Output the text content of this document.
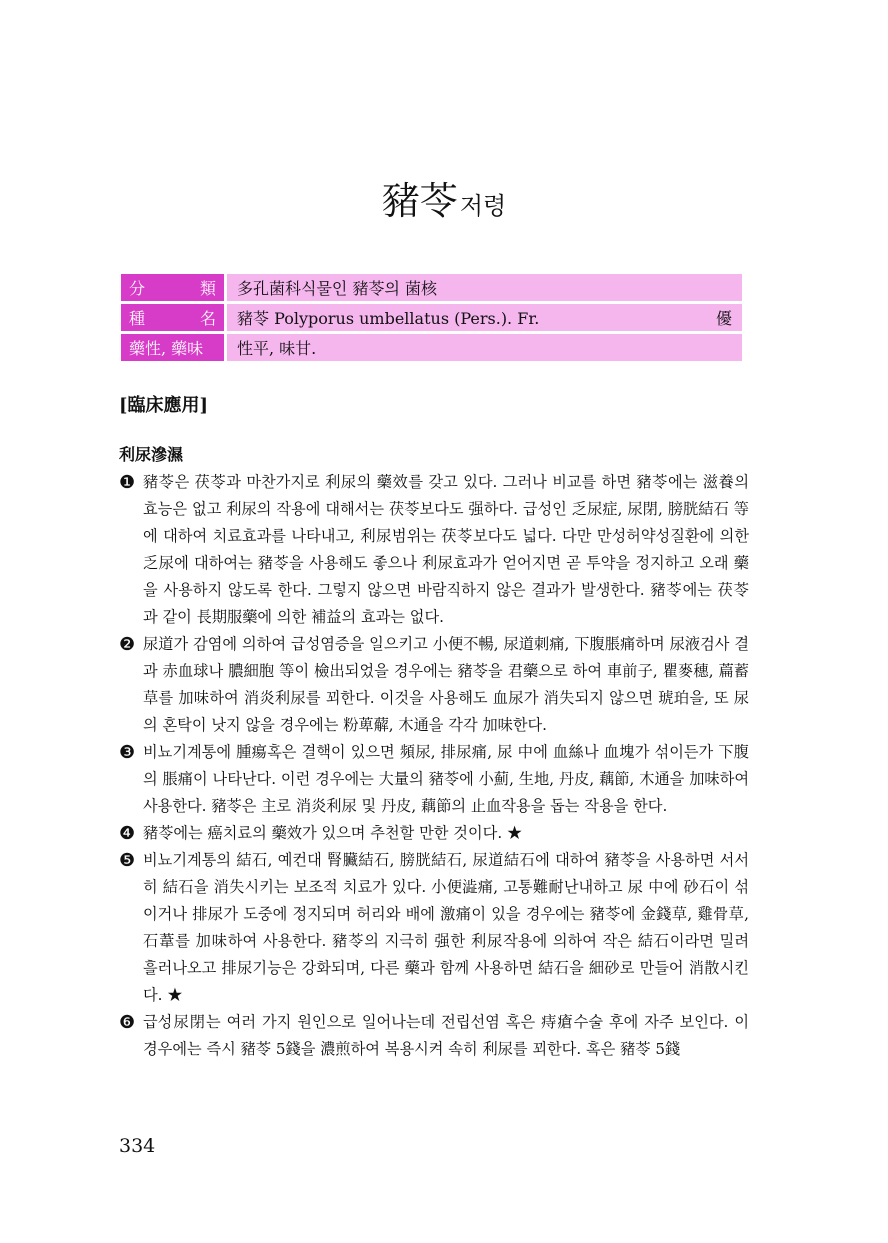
豬苓저령
分	類 多孔菌科식물인 豬苓의 菌核
種	名 豬苓 Polyporus umbellatus (Pers.). Fr.	優
藥性, 藥味 性平, 味甘.
[臨床應用]
利尿滲濕
❶ 豬苓은 茯苓과 마찬가지로 利尿의 藥效를 갖고 있다. 그러나 비교를 하면 豬苓에는 滋養의 효능은 없고 利尿의 작용에 대해서는 茯苓보다도 强하다. 급성인 乏尿症, 尿閉, 膀胱結石 等에 대하여 치료효과를 나타내고, 利尿범위는 茯苓보다도 넓다. 다만 만성허약성질환에 의한 乏尿에 대하여는 豬苓을 사용해도 좋으나 利尿효과가 얻어지면 곧 투약을 정지하고 오래 藥을 사용하지 않도록 한다. 그렇지 않으면 바람직하지 않은 결과가 발생한다. 豬苓에는 茯苓과 같이 長期服藥에 의한 補益의 효과는 없다.
❷ 尿道가 감염에 의하여 급성염증을 일으키고 小便不暢, 尿道刺痛, 下腹脹痛하며 尿液검사 결과 赤血球나 膿細胞 等이 檢出되었을 경우에는 豬苓을 君藥으로 하여 車前子, 瞿麥穗, 萹蓄草를 加味하여 消炎利尿를 꾀한다. 이것을 사용해도 血尿가 消失되지 않으면 琥珀을, 또 尿의 혼탁이 낫지 않을 경우에는 粉萆薢, 木通을 각각 加味한다.
❸ 비뇨기계통에 腫瘍혹은 결핵이 있으면 頻尿, 排尿痛, 尿 中에 血絲나 血塊가 섞이든가 下腹의 脹痛이 나타난다. 이런 경우에는 大量의 豬苓에 小薊, 生地, 丹皮, 藕節, 木通을 加味하여 사용한다. 豬苓은 主로 消炎利尿 및 丹皮, 藕節의 止血작용을 돕는 작용을 한다.
❹ 豬苓에는 癌치료의 藥效가 있으며 추천할 만한 것이다. ★
❺ 비뇨기계통의 結石, 예컨대 腎臟結石, 膀胱結石, 尿道結石에 대하여 豬苓을 사용하면 서서히 結石을 消失시키는 보조적 치료가 있다. 小便澁痛, 고통難耐난내하고 尿 中에 砂石이 섞이거나 排尿가 도중에 정지되며 허리와 배에 激痛이 있을 경우에는 豬苓에 金錢草, 雞骨草, 石葦를 加味하여 사용한다. 豬苓의 지극히 强한 利尿작용에 의하여 작은 結石이라면 밀려 흘러나오고 排尿기능은 강화되며, 다른 藥과 함께 사용하면 結石을 細砂로 만들어 消散시킨다. ★
❻ 급성尿閉는 여러 가지 원인으로 일어나는데 전립선염 혹은 痔瘡수술 후에 자주 보인다. 이 경우에는 즉시 豬苓 5錢을 濃煎하여 복용시켜 속히 利尿를 꾀한다. 혹은 豬苓 5錢
334
